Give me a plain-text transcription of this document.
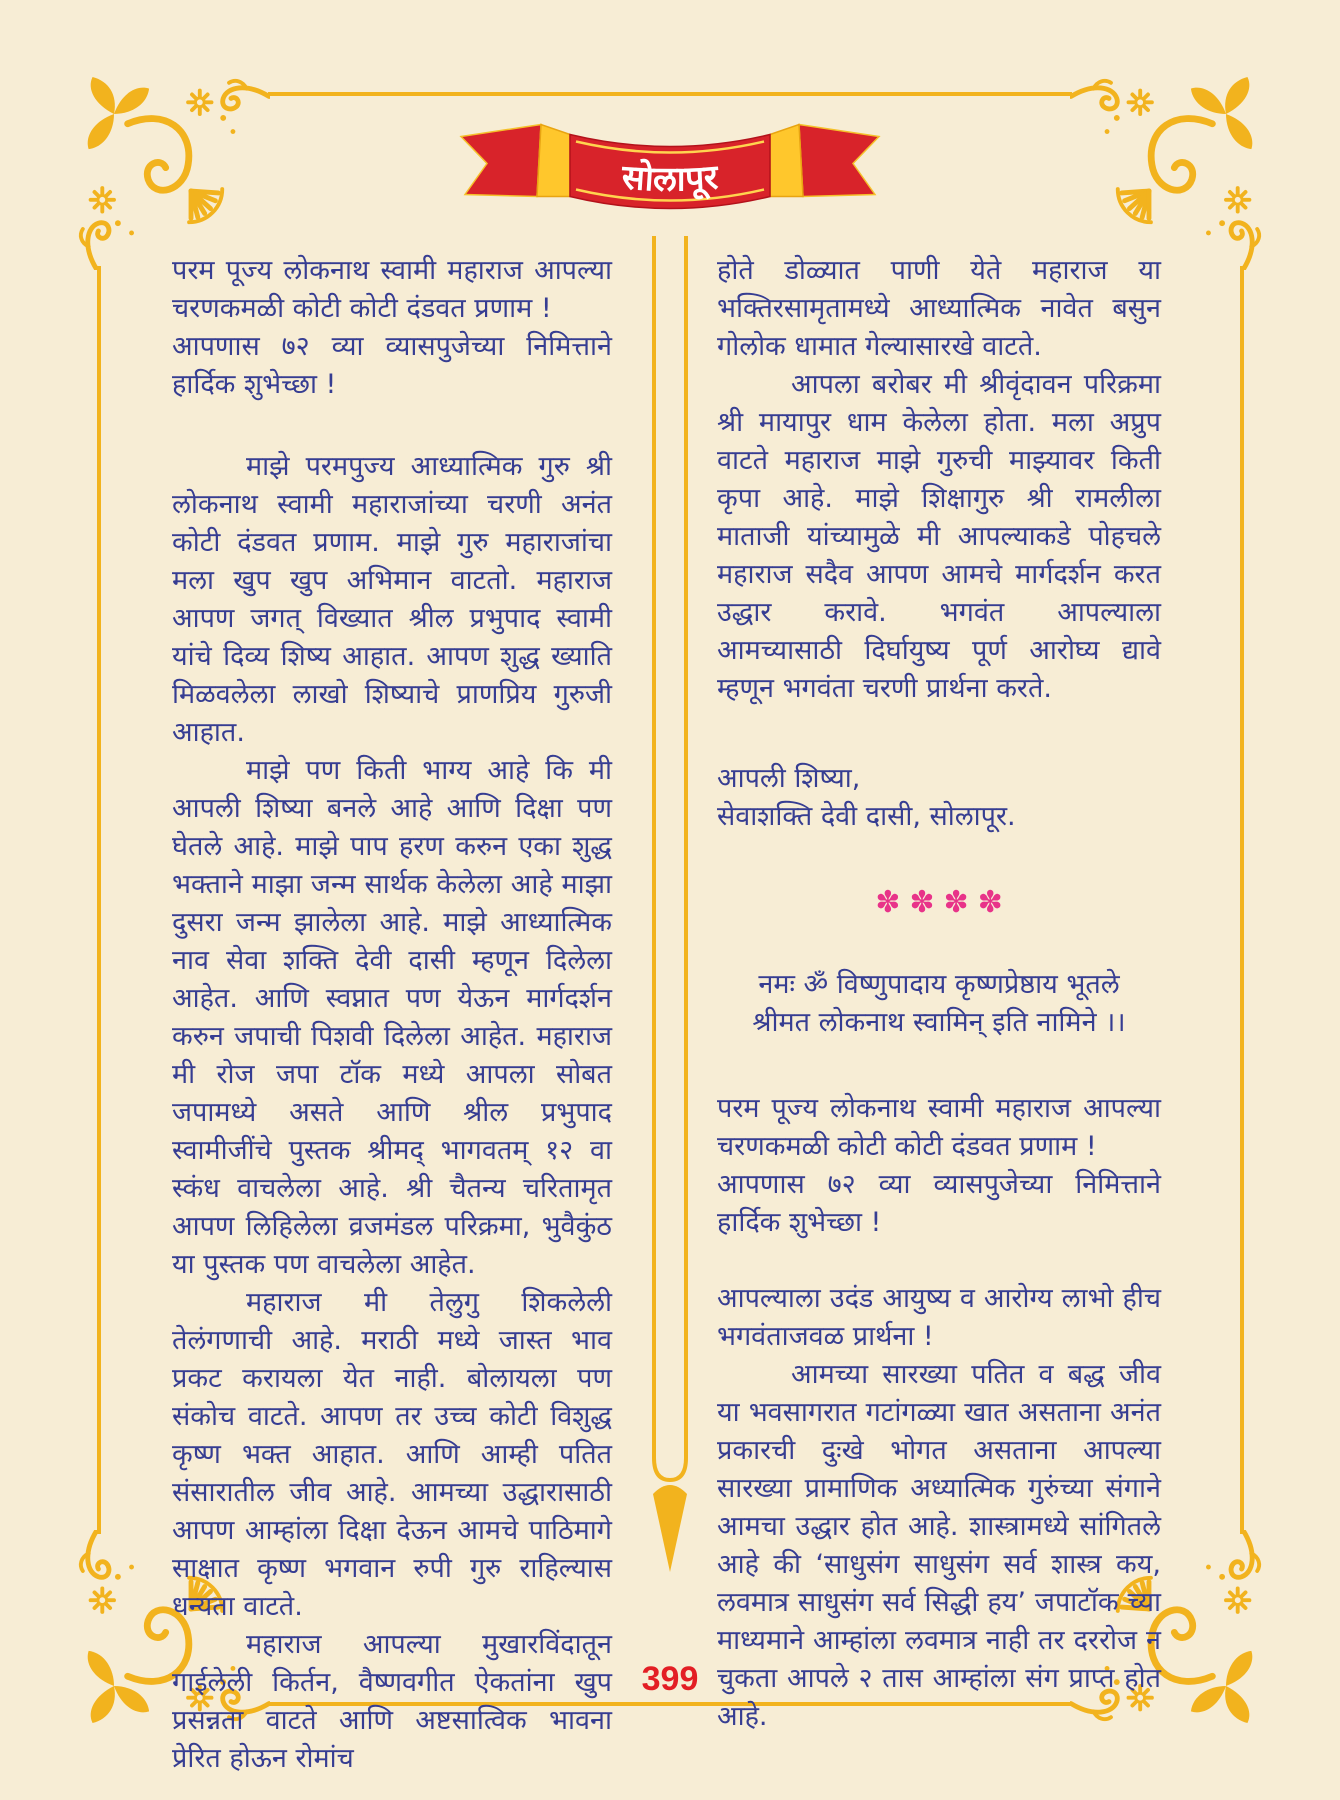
सोलापूर

परम पूज्य लोकनाथ स्वामी महाराज आपल्या चरणकमळी कोटी कोटी दंडवत प्रणाम !

आपणास ७२ व्या व्यासपुजेच्या निमित्ताने हार्दिक शुभेच्छा !

माझे परमपुज्य आध्यात्मिक गुरु श्री लोकनाथ स्वामी महाराजांच्या चरणी अनंत कोटी दंडवत प्रणाम. माझे गुरु महाराजांचा मला खुप खुप अभिमान वाटतो. महाराज आपण जगत् विख्यात श्रील प्रभुपाद स्वामी यांचे दिव्य शिष्य आहात. आपण शुद्ध ख्याति मिळवलेला लाखो शिष्याचे प्राणप्रिय गुरुजी आहात.

माझे पण किती भाग्य आहे कि मी आपली शिष्या बनले आहे आणि दिक्षा पण घेतले आहे. माझे पाप हरण करुन एका शुद्ध भक्ताने माझा जन्म सार्थक केलेला आहे माझा दुसरा जन्म झालेला आहे. माझे आध्यात्मिक नाव सेवा शक्ति देवी दासी म्हणून दिलेला आहेत. आणि स्वप्नात पण येऊन मार्गदर्शन करुन जपाची पिशवी दिलेला आहेत. महाराज मी रोज जपा टॉक मध्ये आपला सोबत जपामध्ये असते आणि श्रील प्रभुपाद स्वामीजींचे पुस्तक श्रीमद् भागवतम् १२ वा स्कंध वाचलेला आहे. श्री चैतन्य चरितामृत आपण लिहिलेला व्रजमंडल परिक्रमा, भुवैकुंठ या पुस्तक पण वाचलेला आहेत.

महाराज मी तेलुगु शिकलेली तेलंगणाची आहे. मराठी मध्ये जास्त भाव प्रकट करायला येत नाही. बोलायला पण संकोच वाटते. आपण तर उच्च कोटी विशुद्ध कृष्ण भक्त आहात. आणि आम्ही पतित संसारातील जीव आहे. आमच्या उद्धारासाठी आपण आम्हांला दिक्षा देऊन आमचे पाठिमागे साक्षात कृष्ण भगवान रुपी गुरु राहिल्यास धन्यता वाटते.

महाराज आपल्या मुखारविंदातून गाईलेली किर्तन, वैष्णवगीत ऐकतांना खुप प्रसन्नता वाटते आणि अष्टसात्विक भावना प्रेरित होऊन रोमांच

होते डोळ्यात पाणी येते महाराज या भक्तिरसामृतामध्ये आध्यात्मिक नावेत बसुन गोलोक धामात गेल्यासारखे वाटते.

आपला बरोबर मी श्रीवृंदावन परिक्रमा श्री मायापुर धाम केलेला होता. मला अप्रुप वाटते महाराज माझे गुरुची माझ्यावर किती कृपा आहे. माझे शिक्षागुरु श्री रामलीला माताजी यांच्यामुळे मी आपल्याकडे पोहचले महाराज सदैव आपण आमचे मार्गदर्शन करत उद्धार करावे. भगवंत आपल्याला आमच्यासाठी दिर्घायुष्य पूर्ण आरोघ्य द्यावे म्हणून भगवंता चरणी प्रार्थना करते.

आपली शिष्या,

सेवाशक्ति देवी दासी, सोलापूर.

✽✽✽✽

नमः ॐ विष्णुपादाय कृष्णप्रेष्ठाय भूतले

श्रीमत लोकनाथ स्वामिन् इति नामिने ।।

परम पूज्य लोकनाथ स्वामी महाराज आपल्या चरणकमळी कोटी कोटी दंडवत प्रणाम !

आपणास ७२ व्या व्यासपुजेच्या निमित्ताने हार्दिक शुभेच्छा !

आपल्याला उदंड आयुष्य व आरोग्य लाभो हीच भगवंताजवळ प्रार्थना !

आमच्या सारख्या पतित व बद्ध जीव या भवसागरात गटांगळ्या खात असताना अनंत प्रकारची दुःखे भोगत असताना आपल्या सारख्या प्रामाणिक अध्यात्मिक गुरुंच्या संगाने आमचा उद्धार होत आहे. शास्त्रामध्ये सांगितले आहे की ‘साधुसंग साधुसंग सर्व शास्त्र कय, लवमात्र साधुसंग सर्व सिद्धी हय’ जपाटॉक च्या माध्यमाने आम्हांला लवमात्र नाही तर दररोज न चुकता आपले २ तास आम्हांला संग प्राप्त होत आहे.

399
